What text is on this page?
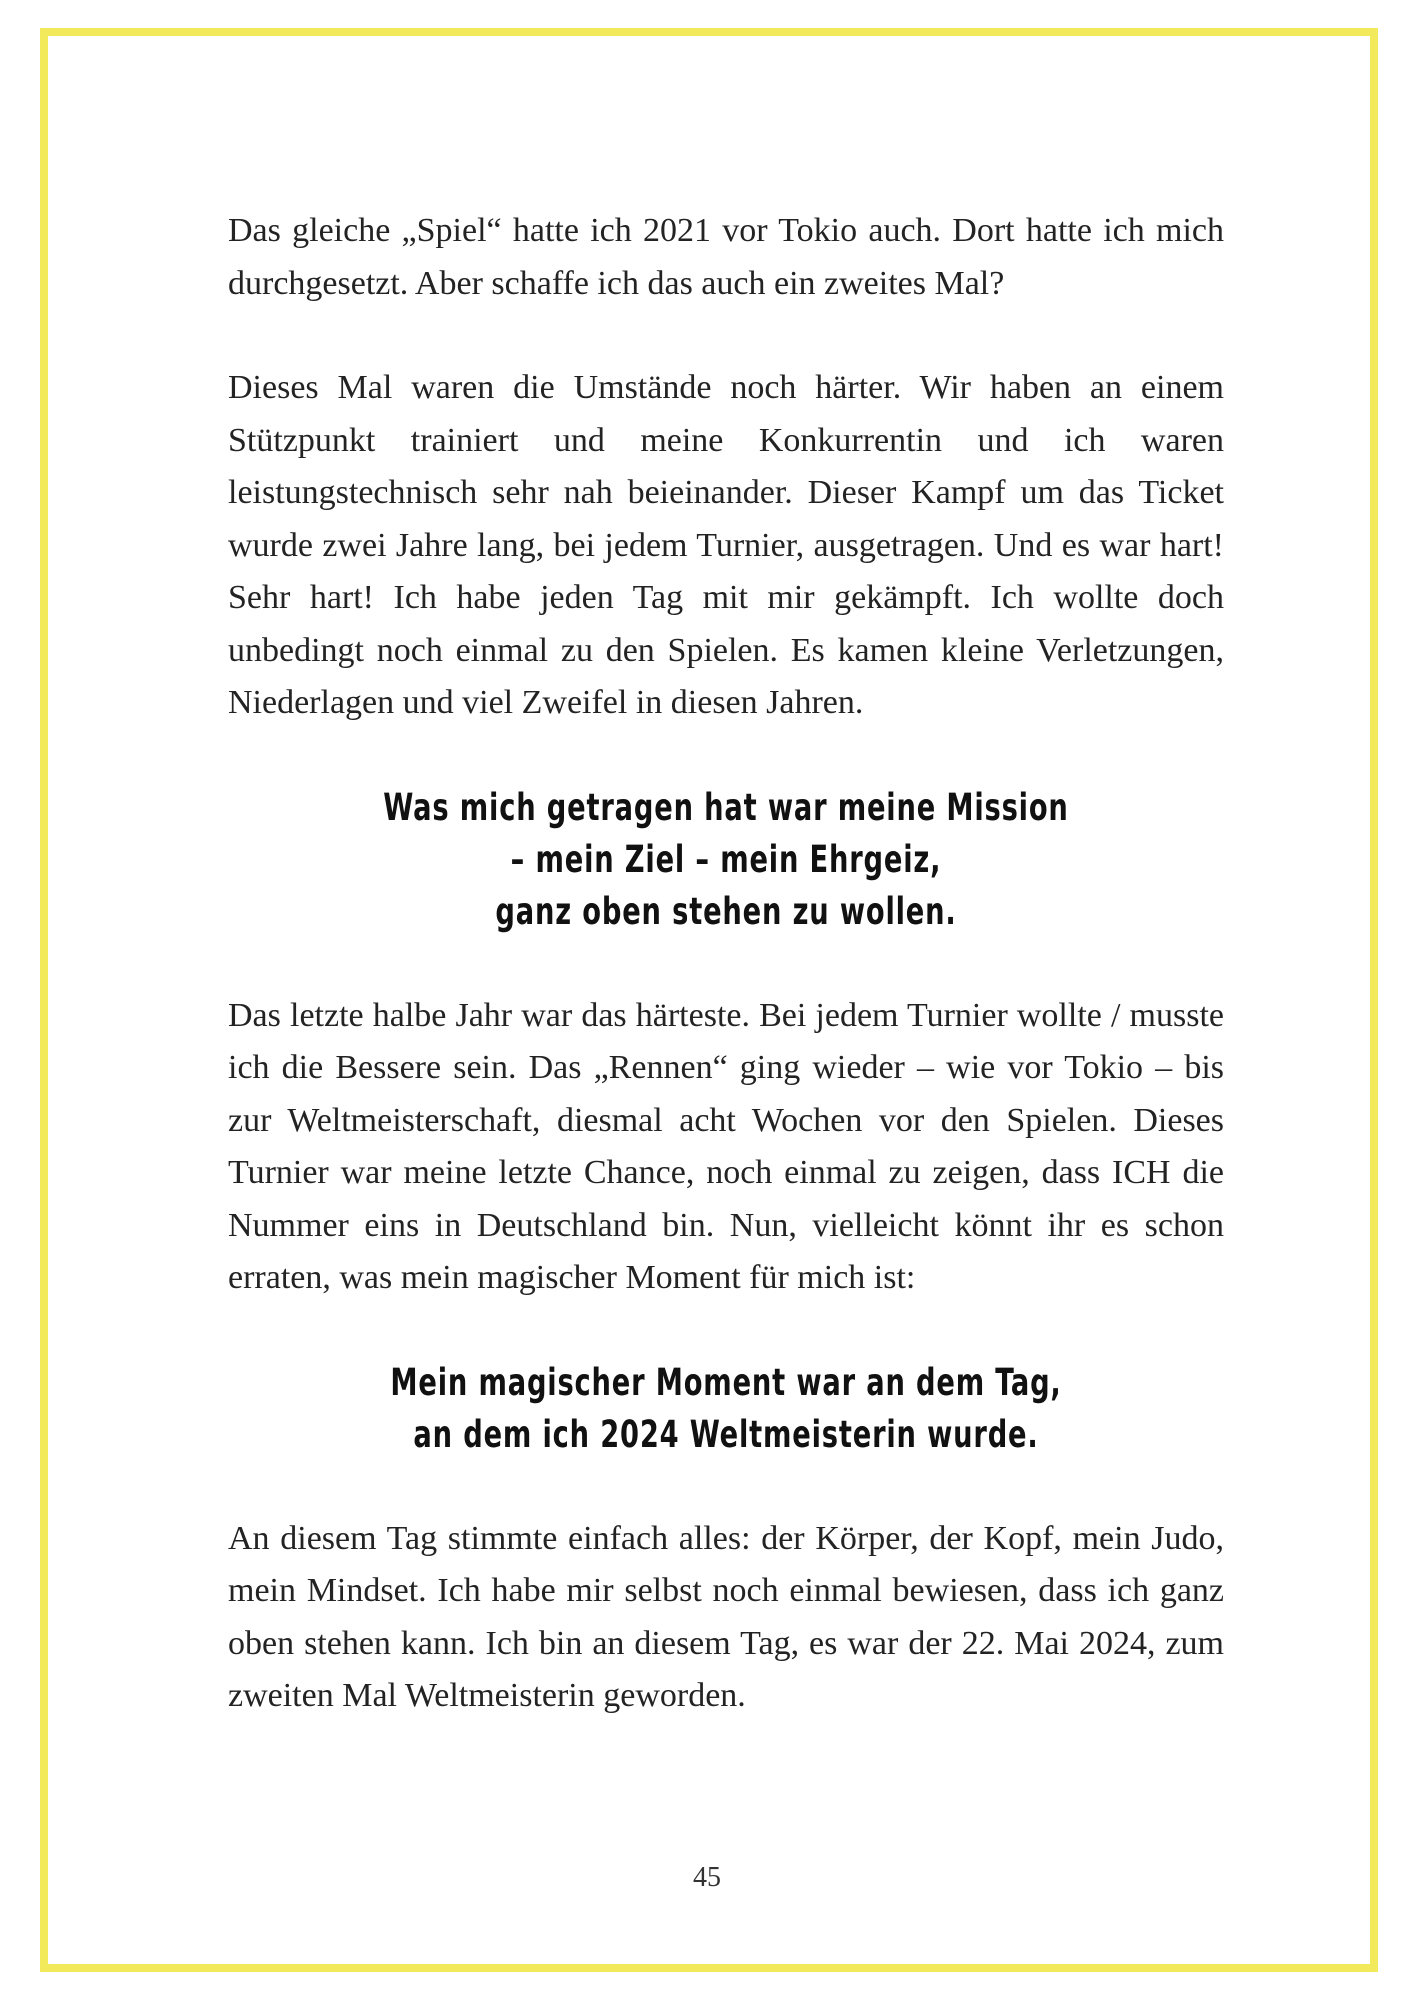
Das gleiche „Spiel“ hatte ich 2021 vor Tokio auch. Dort hatte ich mich durchgesetzt. Aber schaffe ich das auch ein zweites Mal?

Dieses Mal waren die Umstände noch härter. Wir haben an einem Stützpunkt trainiert und meine Konkurrentin und ich waren leistungstechnisch sehr nah beieinander. Dieser Kampf um das Ticket wurde zwei Jahre lang, bei jedem Turnier, ausgetragen. Und es war hart! Sehr hart! Ich habe jeden Tag mit mir gekämpft. Ich wollte doch unbedingt noch einmal zu den Spielen. Es kamen kleine Verletzungen, Niederlagen und viel Zweifel in diesen Jahren.

Was mich getragen hat war meine Mission
– mein Ziel – mein Ehrgeiz,
ganz oben stehen zu wollen.

Das letzte halbe Jahr war das härteste. Bei jedem Turnier wollte / musste ich die Bessere sein. Das „Rennen“ ging wieder – wie vor Tokio – bis zur Weltmeisterschaft, diesmal acht Wochen vor den Spielen. Dieses Turnier war meine letzte Chance, noch einmal zu zeigen, dass ICH die Nummer eins in Deutschland bin. Nun, vielleicht könnt ihr es schon erraten, was mein magischer Moment für mich ist:

Mein magischer Moment war an dem Tag,
an dem ich 2024 Weltmeisterin wurde.

An diesem Tag stimmte einfach alles: der Körper, der Kopf, mein Judo, mein Mindset. Ich habe mir selbst noch einmal bewiesen, dass ich ganz oben stehen kann. Ich bin an diesem Tag, es war der 22. Mai 2024, zum zweiten Mal Weltmeisterin geworden.

45
